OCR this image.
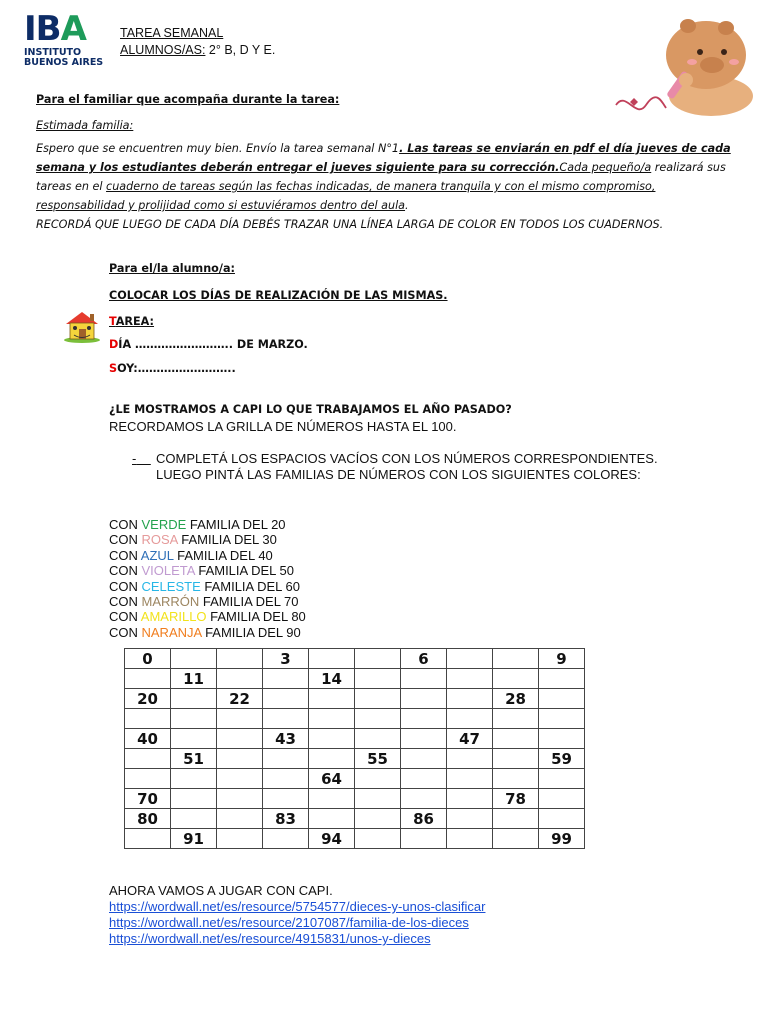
IBA
INSTITUTO
BUENOS AIRES
TAREA SEMANAL
ALUMNOS/AS: 2° B, D Y E.
Para el familiar que acompaña durante la tarea:
Estimada familia:
Espero que se encuentren muy bien. Envío la tarea semanal N°1. Las tareas se enviarán en pdf el día jueves de cada semana y los estudiantes deberán entregar el jueves siguiente para su corrección.Cada pequeño/a realizará sus tareas en el cuaderno de tareas según las fechas indicadas, de manera tranquila y con el mismo compromiso, responsabilidad y prolijidad como si estuviéramos dentro del aula.
RECORDÁ QUE LUEGO DE CADA DÍA DEBÉS TRAZAR UNA LÍNEA LARGA DE COLOR EN TODOS LOS CUADERNOS.
Para el/la alumno/a:
COLOCAR LOS DÍAS DE REALIZACIÓN DE LAS MISMAS.
TAREA:
DÍA …………………….. DE MARZO.
SOY:……………………..
¿LE MOSTRAMOS A CAPI LO QUE TRABAJAMOS EL AÑO PASADO?
RECORDAMOS LA GRILLA DE NÚMEROS HASTA EL 100.
-	COMPLETÁ LOS ESPACIOS VACÍOS CON LOS NÚMEROS CORRESPONDIENTES.
LUEGO PINTÁ LAS FAMILIAS DE NÚMEROS CON LOS SIGUIENTES COLORES:
CON VERDE FAMILIA DEL 20
CON ROSA FAMILIA DEL 30
CON AZUL FAMILIA DEL 40
CON VIOLETA FAMILIA DEL 50
CON CELESTE FAMILIA DEL 60
CON MARRÓN FAMILIA DEL 70
CON AMARILLO FAMILIA DEL 80
CON NARANJA FAMILIA DEL 90
0			3			6			9
	11			14					
20		22						28	

40			43				47		
	51				55				59
				64					
70								78	
80			83			86			
	91			94					99
AHORA VAMOS A JUGAR CON CAPI.
https://wordwall.net/es/resource/5754577/dieces-y-unos-clasificar
https://wordwall.net/es/resource/2107087/familia-de-los-dieces
https://wordwall.net/es/resource/4915831/unos-y-dieces
